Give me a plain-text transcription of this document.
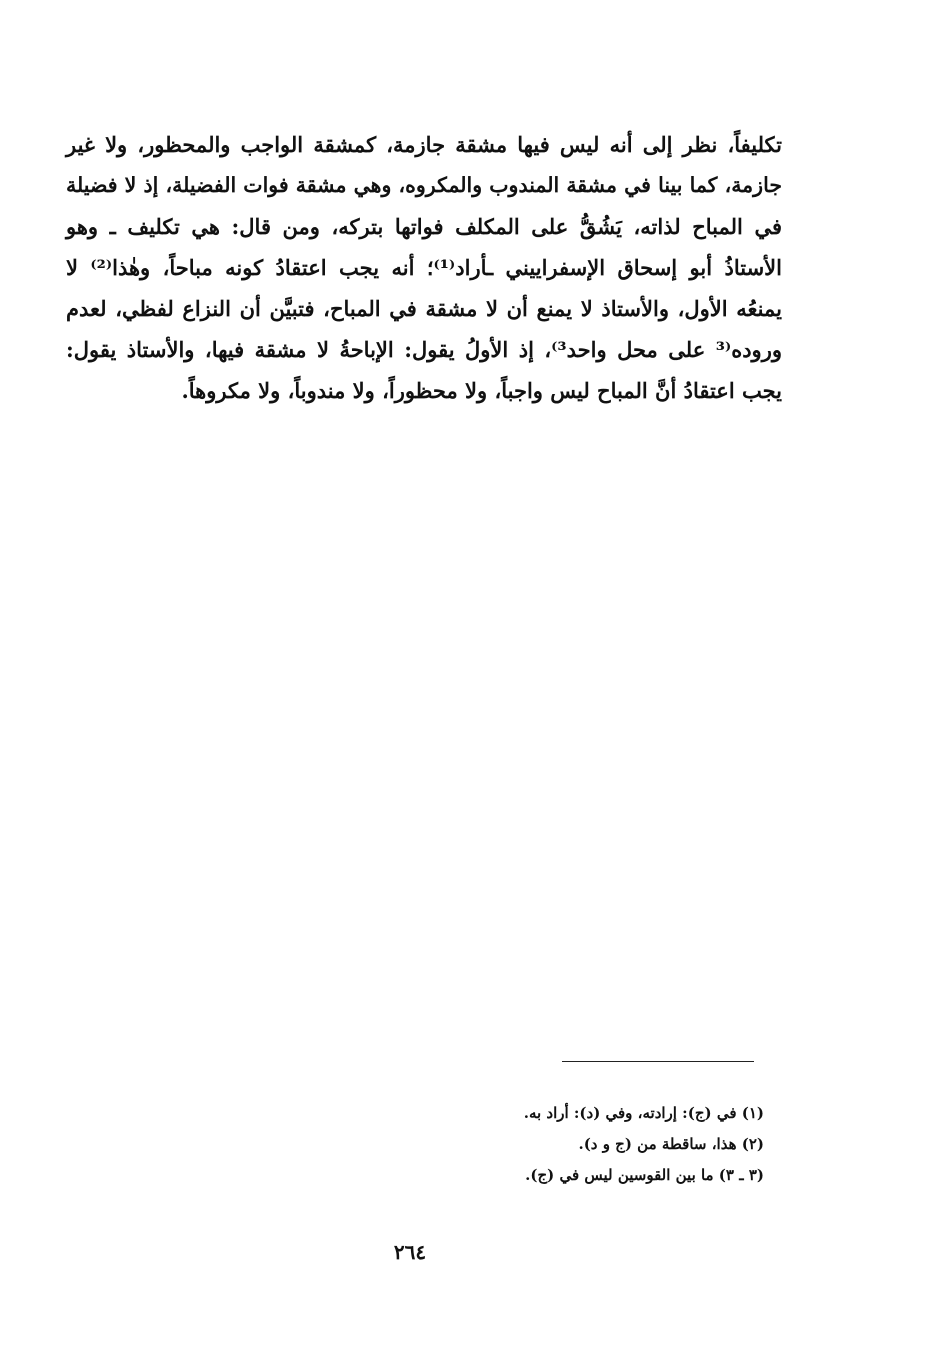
تكليفاً، نظر إلى أنه ليس فيها مشقة جازمة، كمشقة الواجب والمحظور، ولا غير
جازمة، كما بينا في مشقة المندوب والمكروه، وهي مشقة فوات الفضيلة، إذ لا فضيلة
في المباح لذاته، يَشُقُّ على المكلف فواتها بتركه، ومن قال: هي تكليف ـ وهو
الأستاذُ أبو إسحاق الإسفراييني ـأراد⁽¹⁾؛ أنه يجب اعتقادُ كونه مباحاً، وهٰذا⁽²⁾ لا
يمنعُه الأول، والأستاذ لا يمنع أن لا مشقة في المباح، فتبيَّن أن النزاع لفظي، لعدم
وروده⁽³ على محل واحد³⁾، إذ الأولُ يقول: الإباحةُ لا مشقة فيها، والأستاذ يقول:
يجب اعتقادُ أنَّ المباح ليس واجباً، ولا محظوراً، ولا مندوباً، ولا مكروهاً.
(١) في (ج): إرادته، وفي (د): أراد به.
(٢) هذا، ساقطة من (ج و د).
(٣ ـ ٣) ما بين القوسين ليس في (ج).
٢٦٤
